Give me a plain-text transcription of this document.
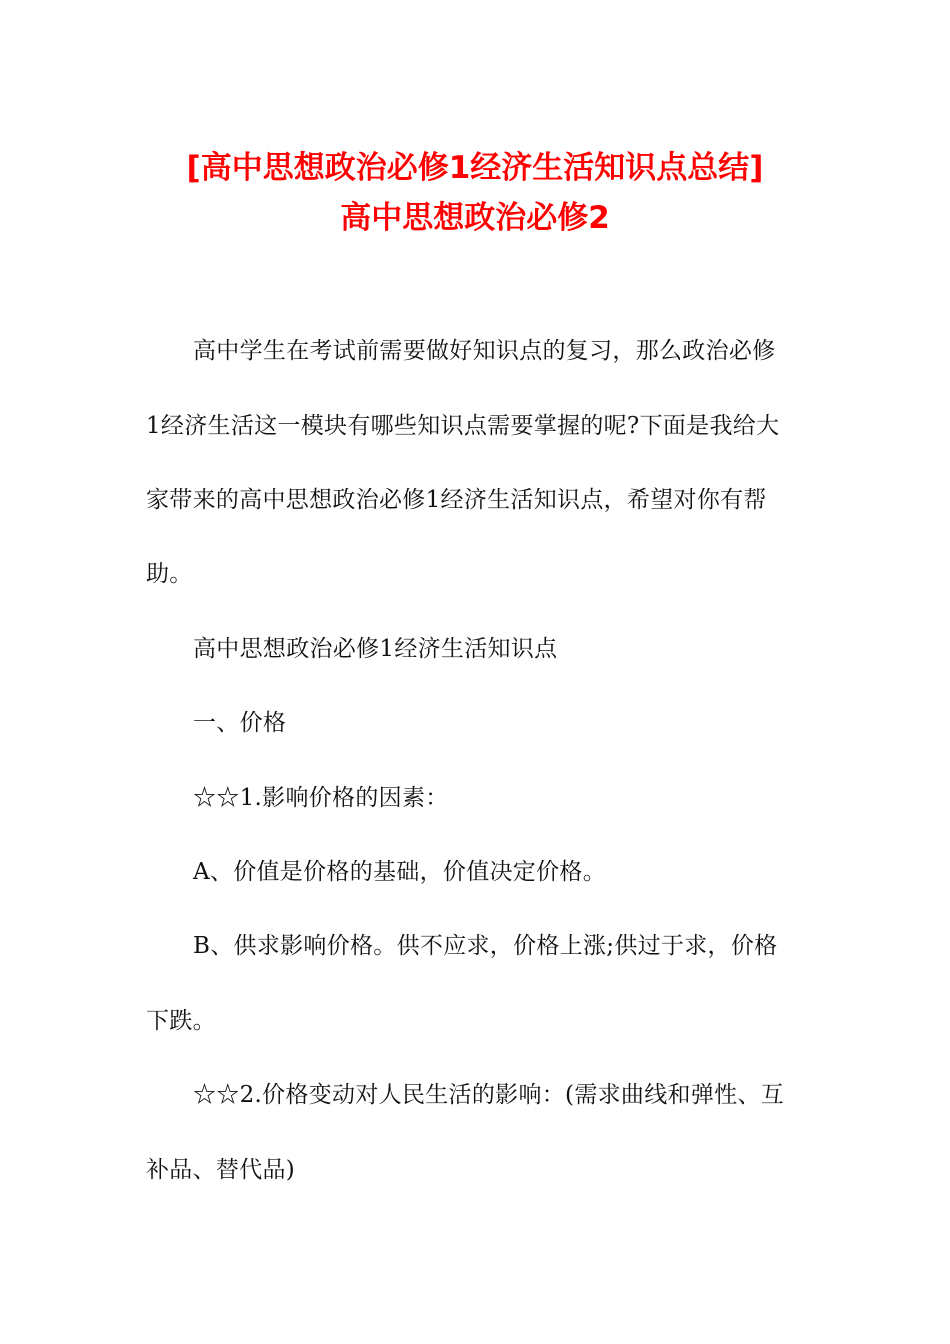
[高中思想政治必修1经济生活知识点总结]
高中思想政治必修2
高中学生在考试前需要做好知识点的复习，那么政治必修
1经济生活这一模块有哪些知识点需要掌握的呢?下面是我给大
家带来的高中思想政治必修1经济生活知识点，希望对你有帮
助。
高中思想政治必修1经济生活知识点
一、价格
☆☆1.影响价格的因素：
A、价值是价格的基础，价值决定价格。
B、供求影响价格。供不应求，价格上涨;供过于求，价格
下跌。
☆☆2.价格变动对人民生活的影响：(需求曲线和弹性、互
补品、替代品)
